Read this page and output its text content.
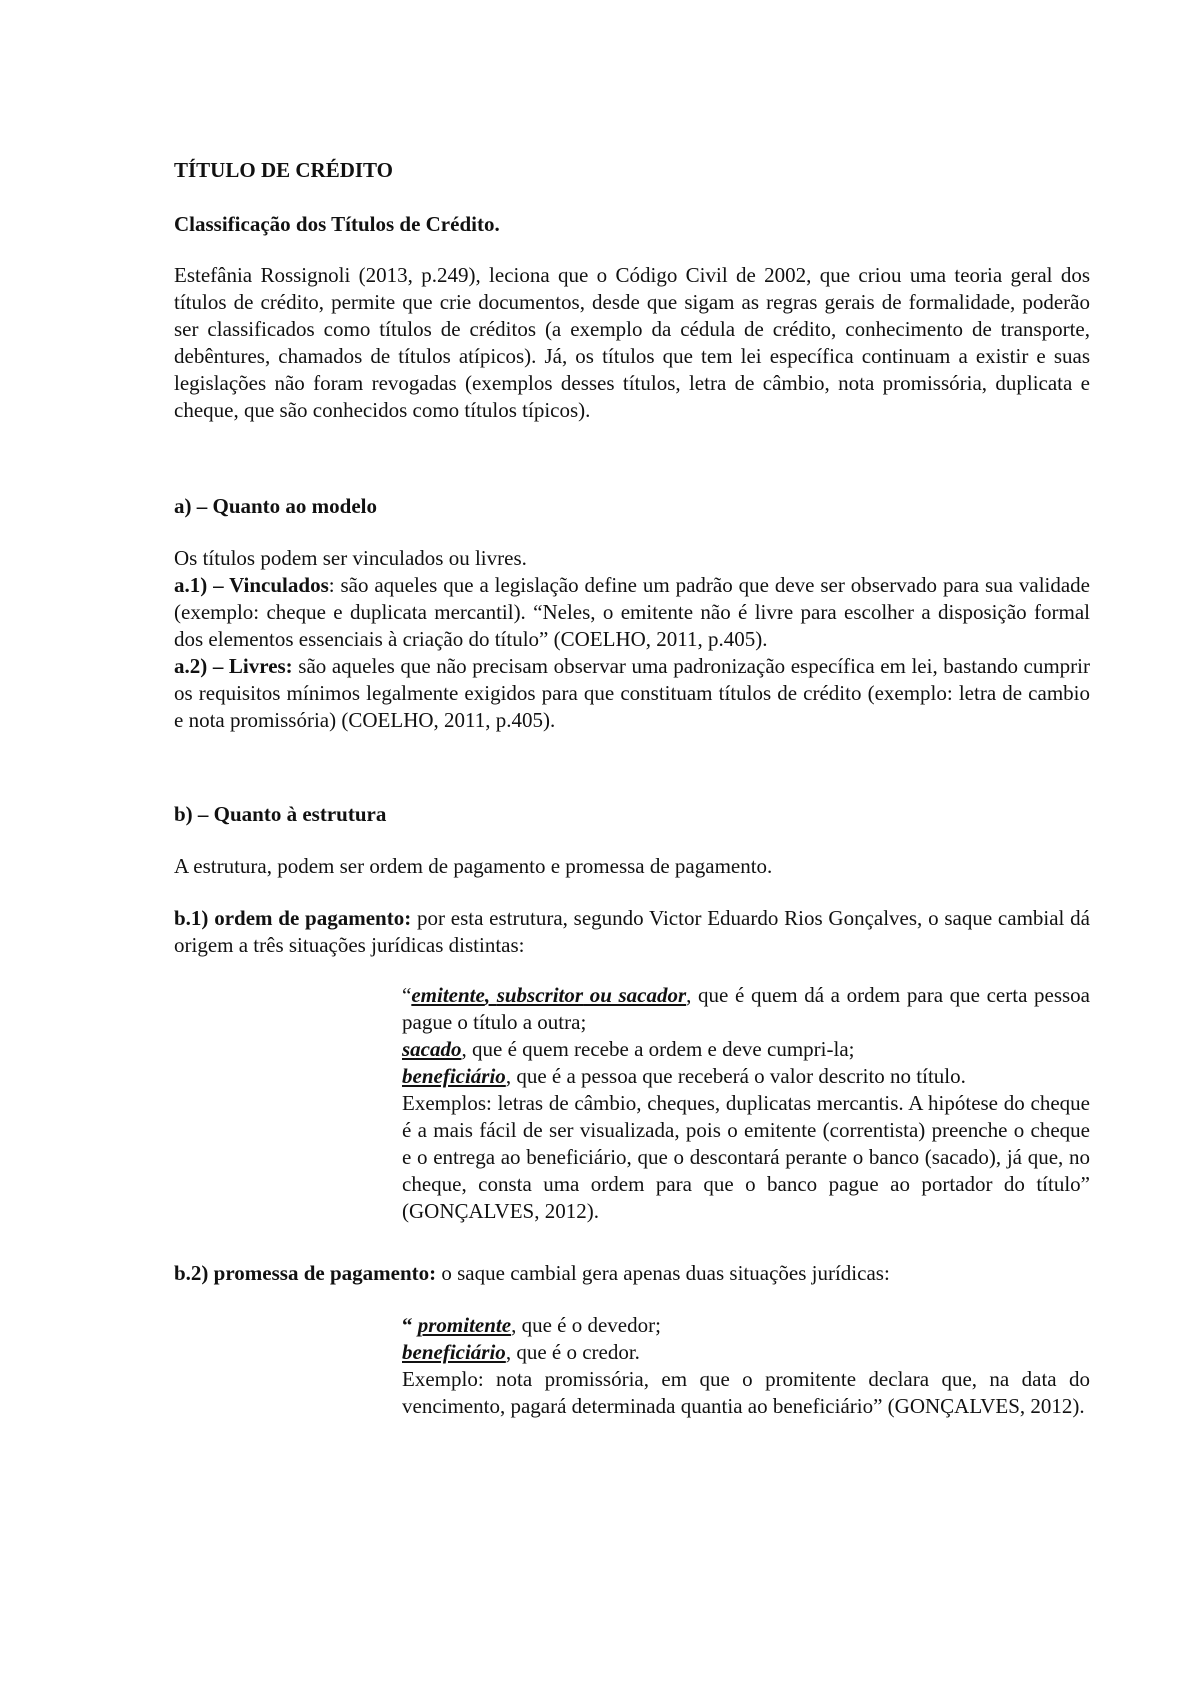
TÍTULO DE CRÉDITO

Classificação dos Títulos de Crédito.

Estefânia Rossignoli (2013, p.249), leciona que o Código Civil de 2002, que criou uma teoria geral dos títulos de crédito, permite que crie documentos, desde que sigam as regras gerais de formalidade, poderão ser classificados como títulos de créditos (a exemplo da cédula de crédito, conhecimento de transporte, debêntures, chamados de títulos atípicos). Já, os títulos que tem lei específica continuam a existir e suas legislações não foram revogadas (exemplos desses títulos, letra de câmbio, nota promissória, duplicata e cheque, que são conhecidos como títulos típicos).

a) – Quanto ao modelo

Os títulos podem ser vinculados ou livres.
a.1) – Vinculados: são aqueles que a legislação define um padrão que deve ser observado para sua validade (exemplo: cheque e duplicata mercantil). “Neles, o emitente não é livre para escolher a disposição formal dos elementos essenciais à criação do título” (COELHO, 2011, p.405).
a.2) – Livres: são aqueles que não precisam observar uma padronização específica em lei, bastando cumprir os requisitos mínimos legalmente exigidos para que constituam títulos de crédito (exemplo: letra de cambio e nota promissória) (COELHO, 2011, p.405).

b) – Quanto à estrutura

A estrutura, podem ser ordem de pagamento e promessa de pagamento.

b.1) ordem de pagamento: por esta estrutura, segundo Victor Eduardo Rios Gonçalves, o saque cambial dá origem a três situações jurídicas distintas:

“emitente, subscritor ou sacador, que é quem dá a ordem para que certa pessoa pague o título a outra;
sacado, que é quem recebe a ordem e deve cumpri-la;
beneficiário, que é a pessoa que receberá o valor descrito no título.
Exemplos: letras de câmbio, cheques, duplicatas mercantis. A hipótese do cheque é a mais fácil de ser visualizada, pois o emitente (correntista) preenche o cheque e o entrega ao beneficiário, que o descontará perante o banco (sacado), já que, no cheque, consta uma ordem para que o banco pague ao portador do título” (GONÇALVES, 2012).

b.2) promessa de pagamento: o saque cambial gera apenas duas situações jurídicas:

“ promitente, que é o devedor;
beneficiário, que é o credor.
Exemplo: nota promissória, em que o promitente declara que, na data do vencimento, pagará determinada quantia ao beneficiário” (GONÇALVES, 2012).
